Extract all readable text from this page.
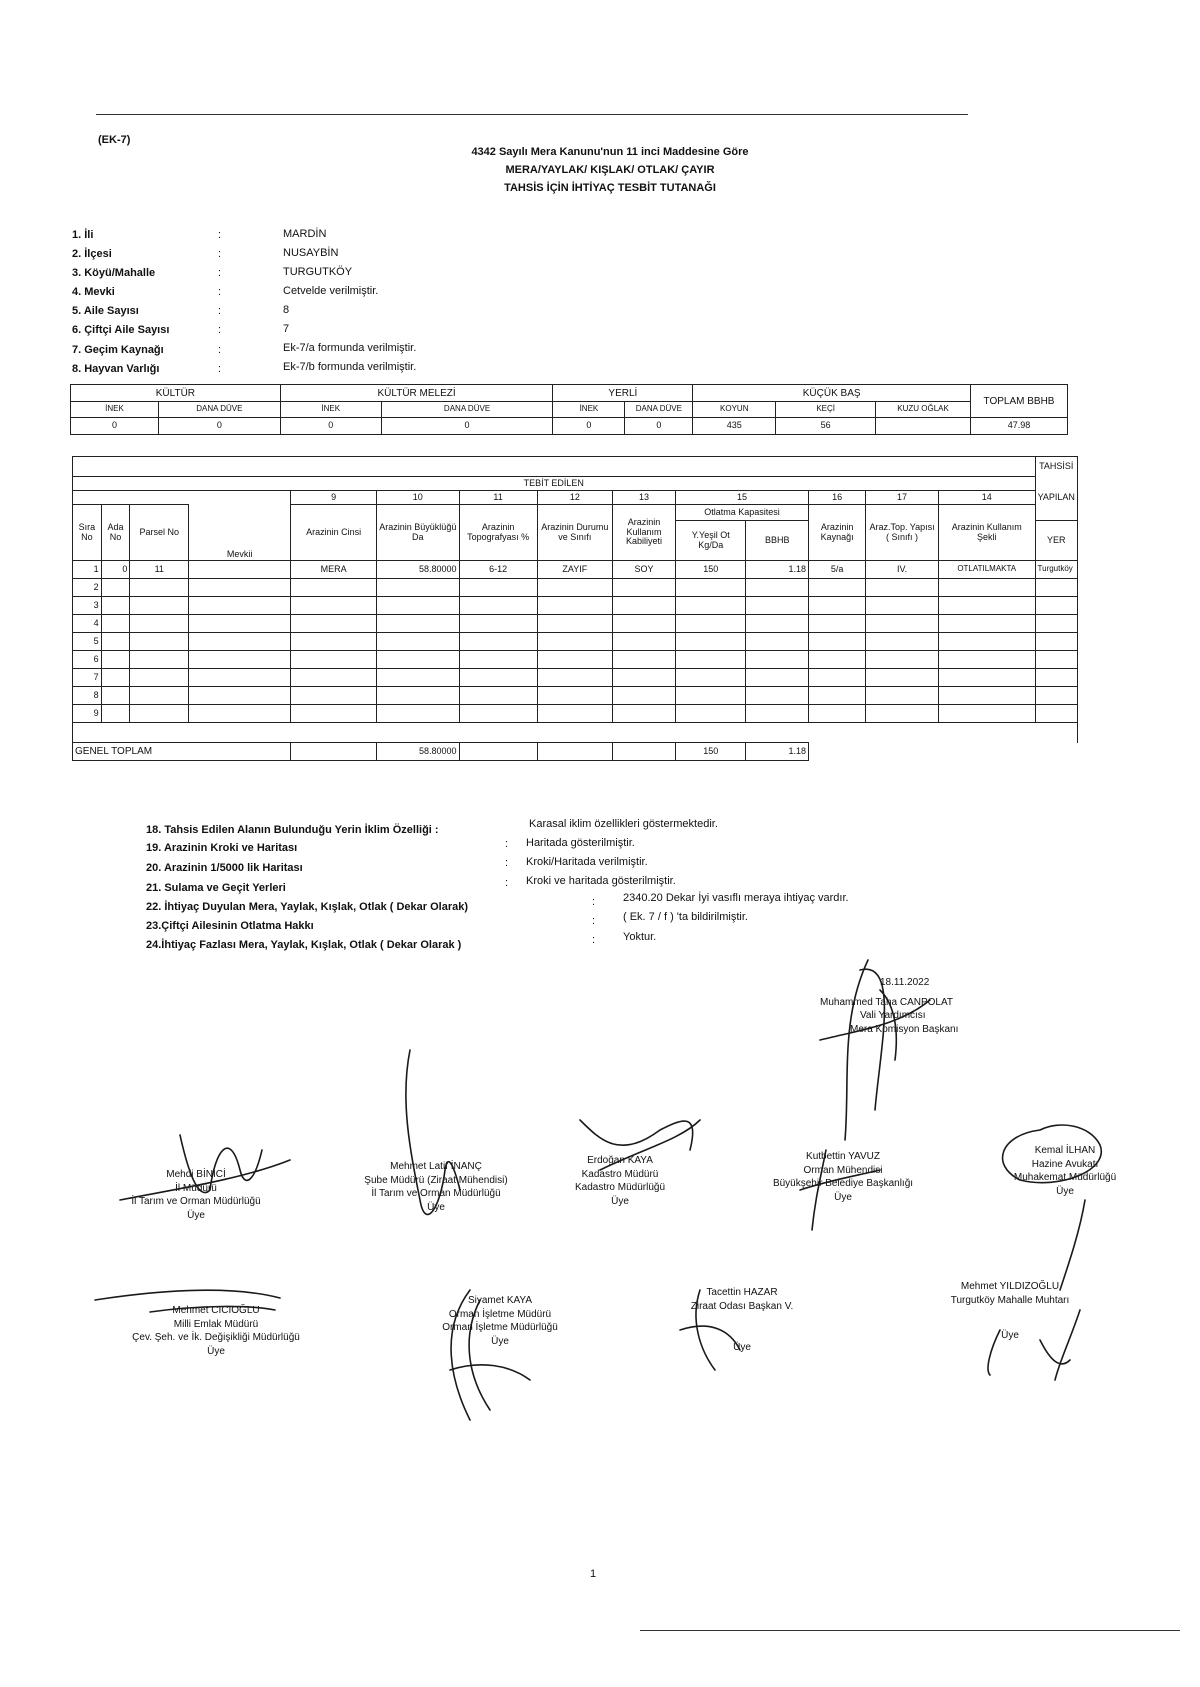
(EK-7)
4342 Sayılı Mera Kanunu'nun 11 inci Maddesine Göre
MERA/YAYLAK/ KIŞLAK/ OTLAK/ ÇAYIR
TAHSİS İÇİN İHTİYAÇ TESBİT TUTANAĞI
1. İli	:	MARDİN
2. İlçesi	:	NUSAYBİN
3. Köyü/Mahalle	:	TURGUTKÖY
4. Mevki	:	Cetvelde verilmiştir.
5. Aile Sayısı	:	8
6. Çiftçi Aile Sayısı	:	7
7. Geçim Kaynağı	:	Ek-7/a formunda verilmiştir.
8. Hayvan Varlığı	:	Ek-7/b formunda verilmiştir.
KÜLTÜR		KÜLTÜR MELEZİ		YERLİ		KÜÇÜK BAŞ			TOPLAM BBHB
İNEK	DANA DÜVE	İNEK	DANA DÜVE	İNEK	DANA DÜVE	KOYUN	KEÇİ	KUZU OĞLAK	
0	0	0	0	0	0	435	56		47.98
														TAHSİSİ
TEBİT EDİLEN														YAPILAN
				9	10	11	12	13	15		16	17	14	
Sıra No	Ada No	Parsel No	Mevkii	Arazinin Cinsi	Arazinin Büyüklüğü Da	Arazinin Topografyası %	Arazinin Durumu ve Sınıfı	Arazinin Kullanım Kabiliyeti	Otlatma Kapasitesi		Arazinin Kaynağı	Araz.Top. Yapısı ( Sınıfı )	Arazinin Kullanım Şekli	
									Y.Yeşil Ot Kg/Da	BBHB				YER
1	0	11		MERA	58.80000	6-12	ZAYIF	SOY	150	1.18	5/a	IV.	OTLATILMAKTA	Turgutköy
2														
3														
4														
5														
6														
7														
8														
9														

GENEL TOPLAM					58.80000				150	1.18				
18. Tahsis Edilen Alanın Bulunduğu Yerin İklim Özelliği :	Karasal iklim özellikleri göstermektedir.
19. Arazinin Kroki ve Haritası	: Haritada gösterilmiştir.
20. Arazinin 1/5000 lik Haritası	: Kroki/Haritada verilmiştir.
21. Sulama ve Geçit Yerleri	: Kroki ve haritada gösterilmiştir.
22. İhtiyaç Duyulan Mera, Yaylak, Kışlak, Otlak ( Dekar Olarak)	:	2340.20 Dekar İyi vasıflı meraya ihtiyaç vardır.
23.Çiftçi Ailesinin Otlatma Hakkı	:	( Ek. 7 / f ) 'ta bildirilmiştir.
24.İhtiyaç Fazlası Mera, Yaylak, Kışlak, Otlak ( Dekar Olarak )	:	Yoktur.
18.11.2022
Muhammed Taha CANPOLAT
Vali Yardımcısı
Mera Komisyon Başkanı
Mehdi BİNİCİ
İl Müdürü
İl Tarım ve Orman Müdürlüğü
Üye
Mehmet Latif İNANÇ
Şube Müdürü (Ziraat Mühendisi)
İl Tarım ve Orman Müdürlüğü
Üye
Erdoğan KAYA
Kadastro Müdürü
Kadastro Müdürlüğü
Üye
Kutbettin YAVUZ
Orman Mühendisi
Büyükşehir Belediye Başkanlığı
Üye
Kemal İLHAN
Hazine Avukatı
Muhakemat Müdürlüğü
Üye
Mehmet CICIOĞLU
Milli Emlak Müdürü
Çev. Şeh. ve İk. Değişikliği Müdürlüğü
Üye
Siyamet KAYA
Orman İşletme Müdürü
Orman İşletme Müdürlüğü
Üye
Tacettin HAZAR
Ziraat Odası Başkan V.
Üye
Mehmet YILDIZOĞLU
Turgutköy Mahalle Muhtarı
Üye
1
